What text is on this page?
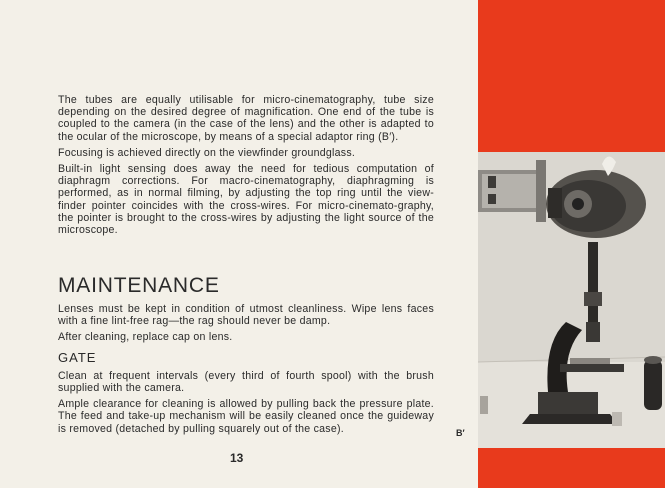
The tubes are equally utilisable for micro-cinematography, tube size depending on the desired degree of magnification. One end of the tube is coupled to the camera (in the case of the lens) and the other is adapted to the ocular of the microscope, by means of a special adaptor ring (B′).

Focusing is achieved directly on the viewfinder groundglass.

Built-in light sensing does away the need for tedious computation of diaphragm corrections. For macro-cinematography, diaphragming is performed, as in normal filming, by adjusting the top ring until the view-finder pointer coincides with the cross-wires. For micro-cinemato-graphy, the pointer is brought to the cross-wires by adjusting the light source of the microscope.

MAINTENANCE

Lenses must be kept in condition of utmost cleanliness. Wipe lens faces with a fine lint-free rag—the rag should never be damp.

After cleaning, replace cap on lens.

GATE

Clean at frequent intervals (every third of fourth spool) with the brush supplied with the camera.

Ample clearance for cleaning is allowed by pulling back the pressure plate. The feed and take-up mechanism will be easily cleaned once the guideway is removed (detached by pulling squarely out of the case).

13
B′
